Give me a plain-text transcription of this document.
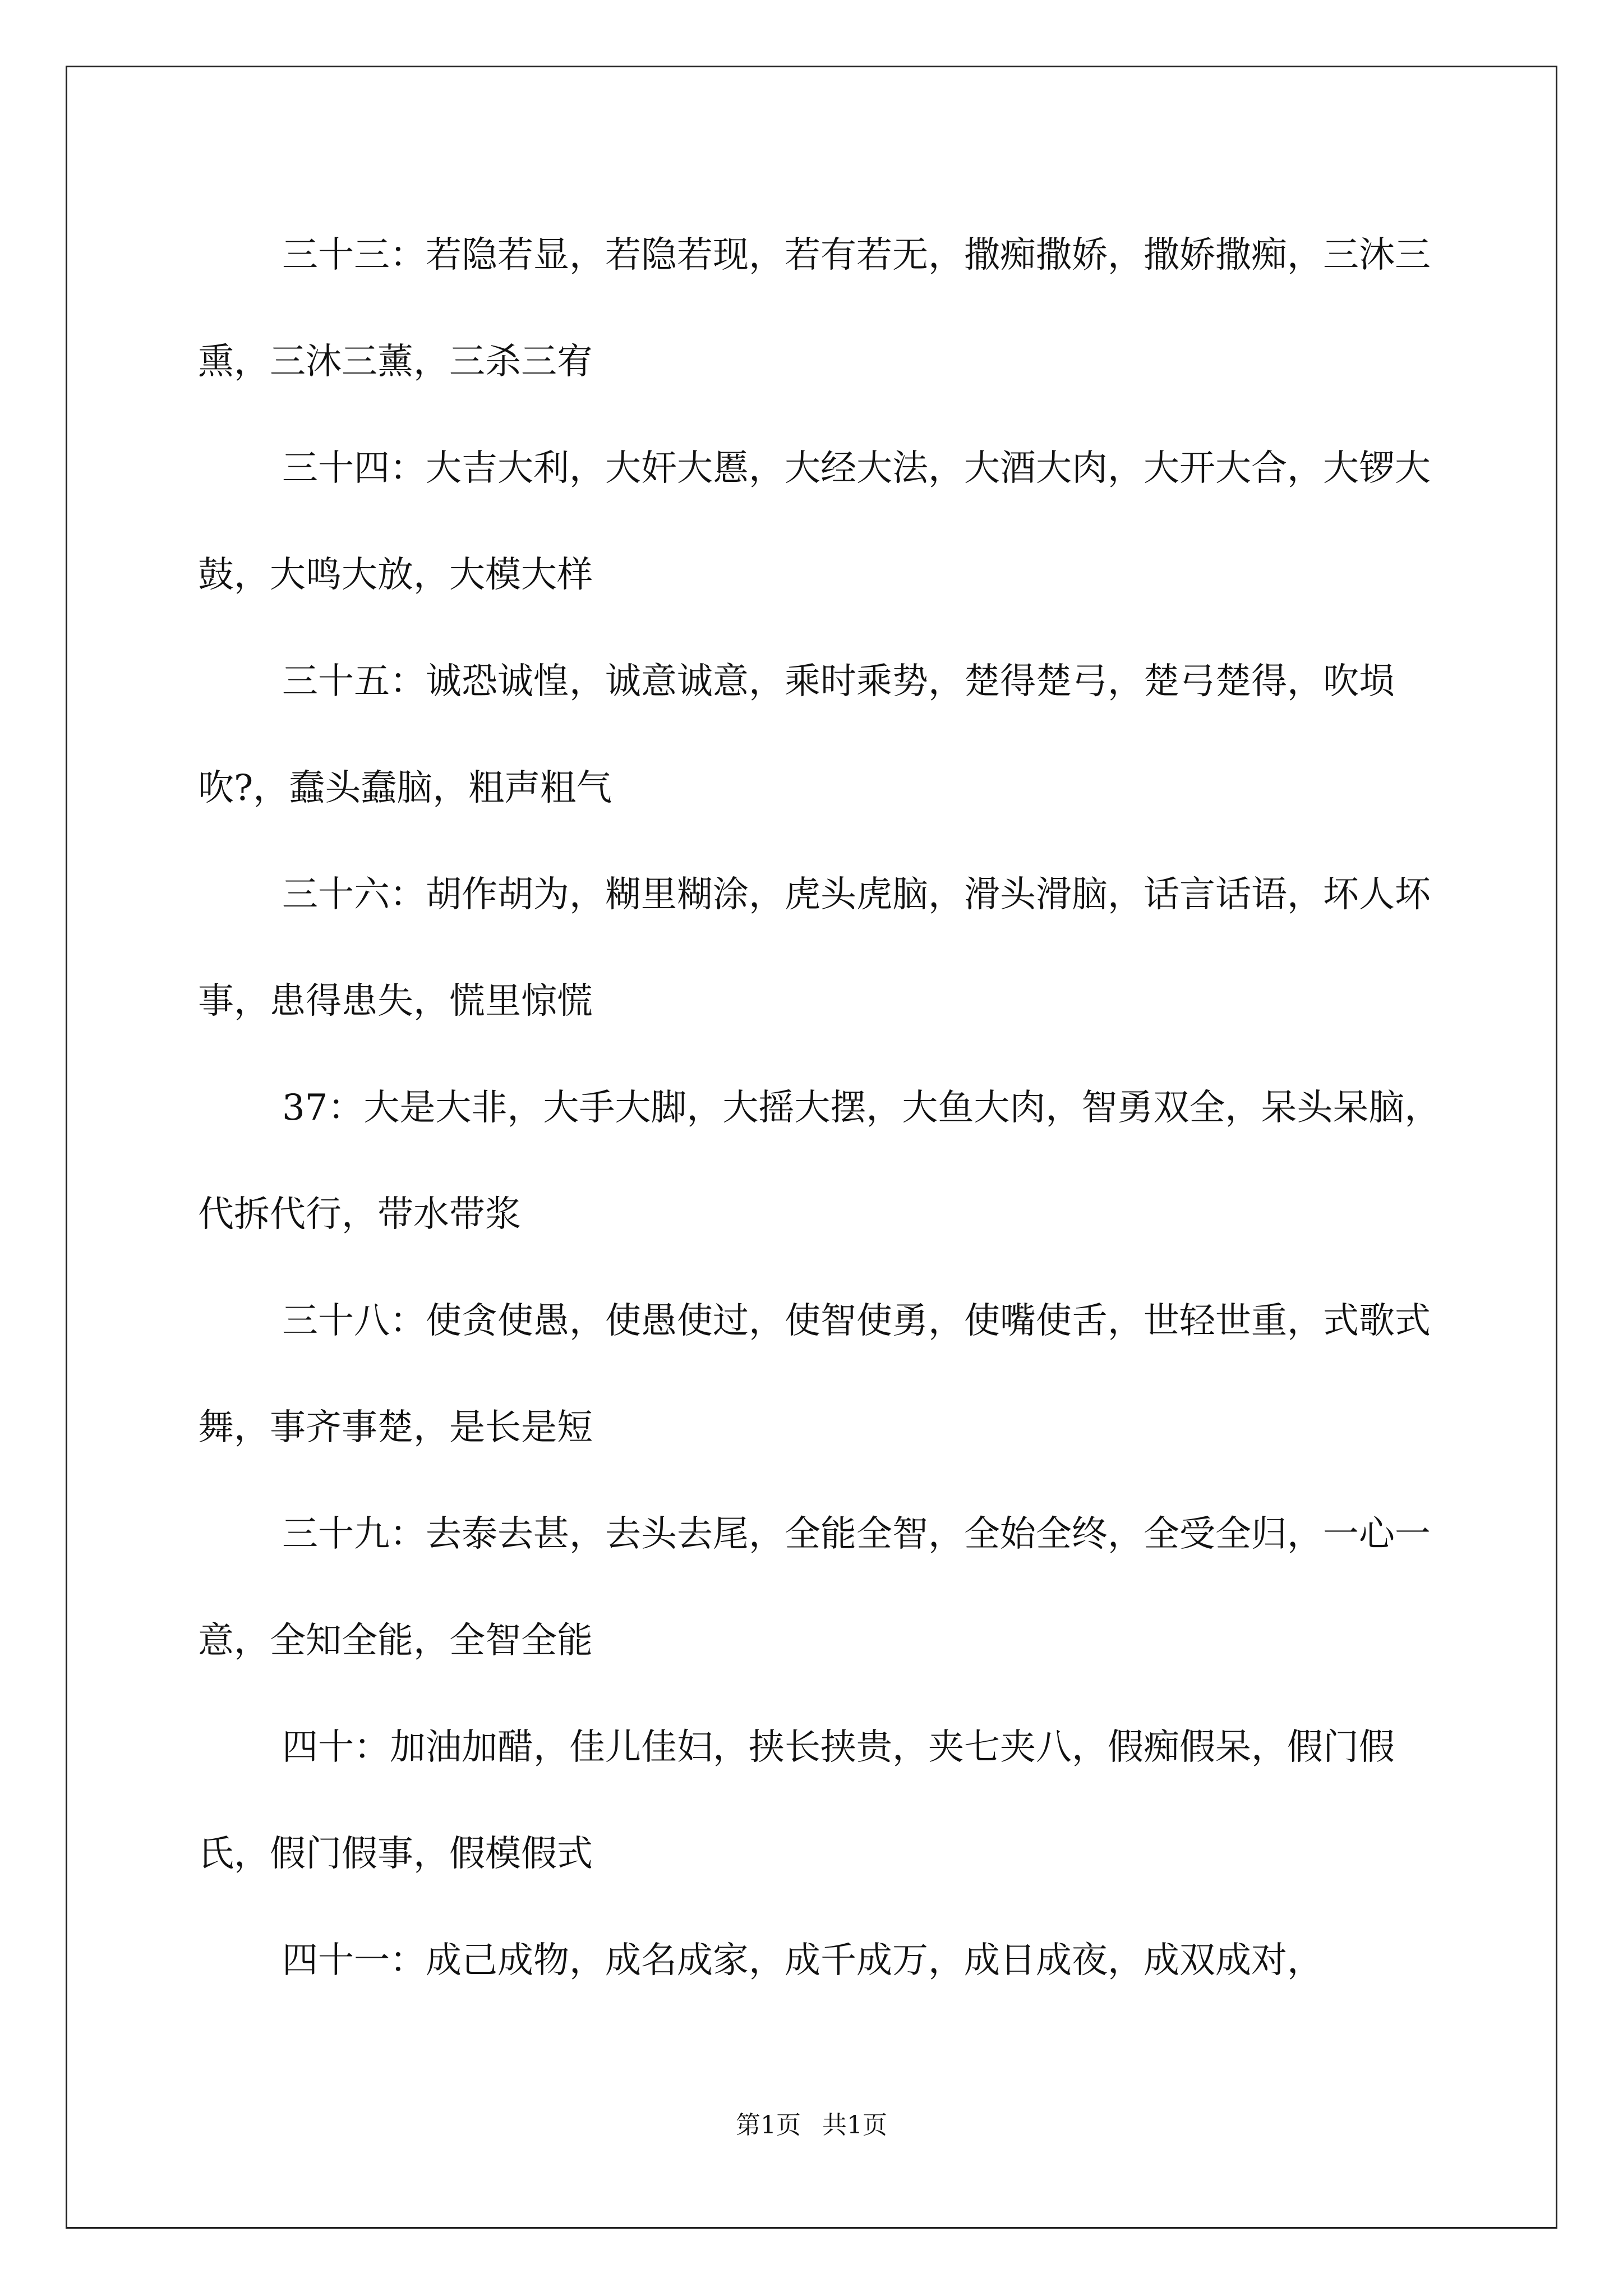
三十三：若隐若显，若隐若现，若有若无，撒痴撒娇，撒娇撒痴，三沐三熏，三沐三薰，三杀三宥

三十四：大吉大利，大奸大慝，大经大法，大酒大肉，大开大合，大锣大鼓，大鸣大放，大模大样

三十五：诚恐诚惶，诚意诚意，乘时乘势，楚得楚弓，楚弓楚得，吹埙吹?，蠢头蠢脑，粗声粗气

三十六：胡作胡为，糊里糊涂，虎头虎脑，滑头滑脑，话言话语，坏人坏事，患得患失，慌里惊慌

37：大是大非，大手大脚，大摇大摆，大鱼大肉，智勇双全，呆头呆脑，代拆代行，带水带浆

三十八：使贪使愚，使愚使过，使智使勇，使嘴使舌，世轻世重，式歌式舞，事齐事楚，是长是短

三十九：去泰去甚，去头去尾，全能全智，全始全终，全受全归，一心一意，全知全能，全智全能

四十：加油加醋，佳儿佳妇，挟长挟贵，夹七夹八，假痴假呆，假门假氏，假门假事，假模假式

四十一：成己成物，成名成家，成千成万，成日成夜，成双成对，

第1页 共1页
